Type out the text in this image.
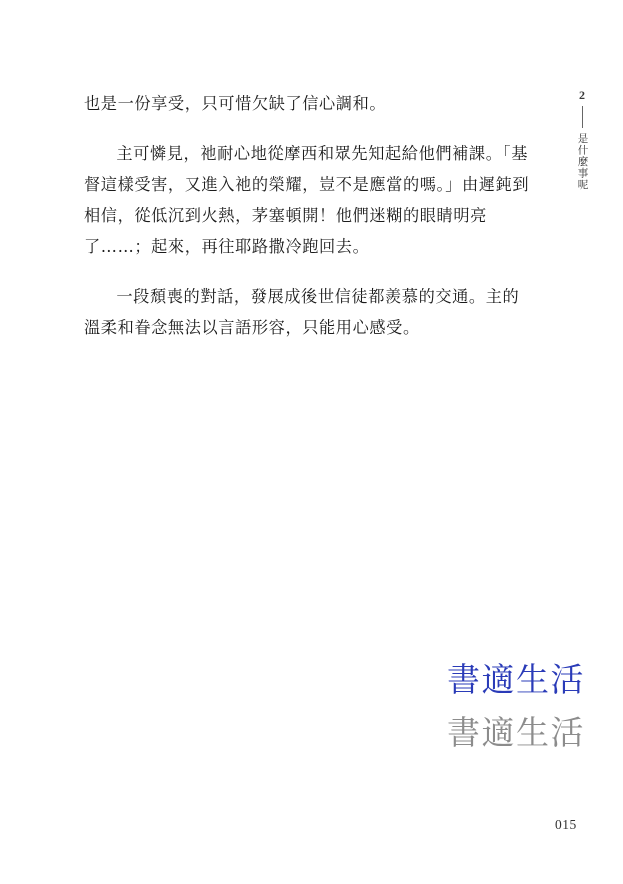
2
是什麼事呢

也是一份享受，只可惜欠缺了信心調和。

主可憐見，祂耐心地從摩西和眾先知起給他們補課。「基督這樣受害，又進入祂的榮耀，豈不是應當的嗎。」由遲鈍到相信，從低沉到火熱，茅塞頓開！他們迷糊的眼睛明亮了……；起來，再往耶路撒冷跑回去。

一段頹喪的對話，發展成後世信徒都羨慕的交通。主的溫柔和眷念無法以言語形容，只能用心感受。

書適生活
書適生活
015
